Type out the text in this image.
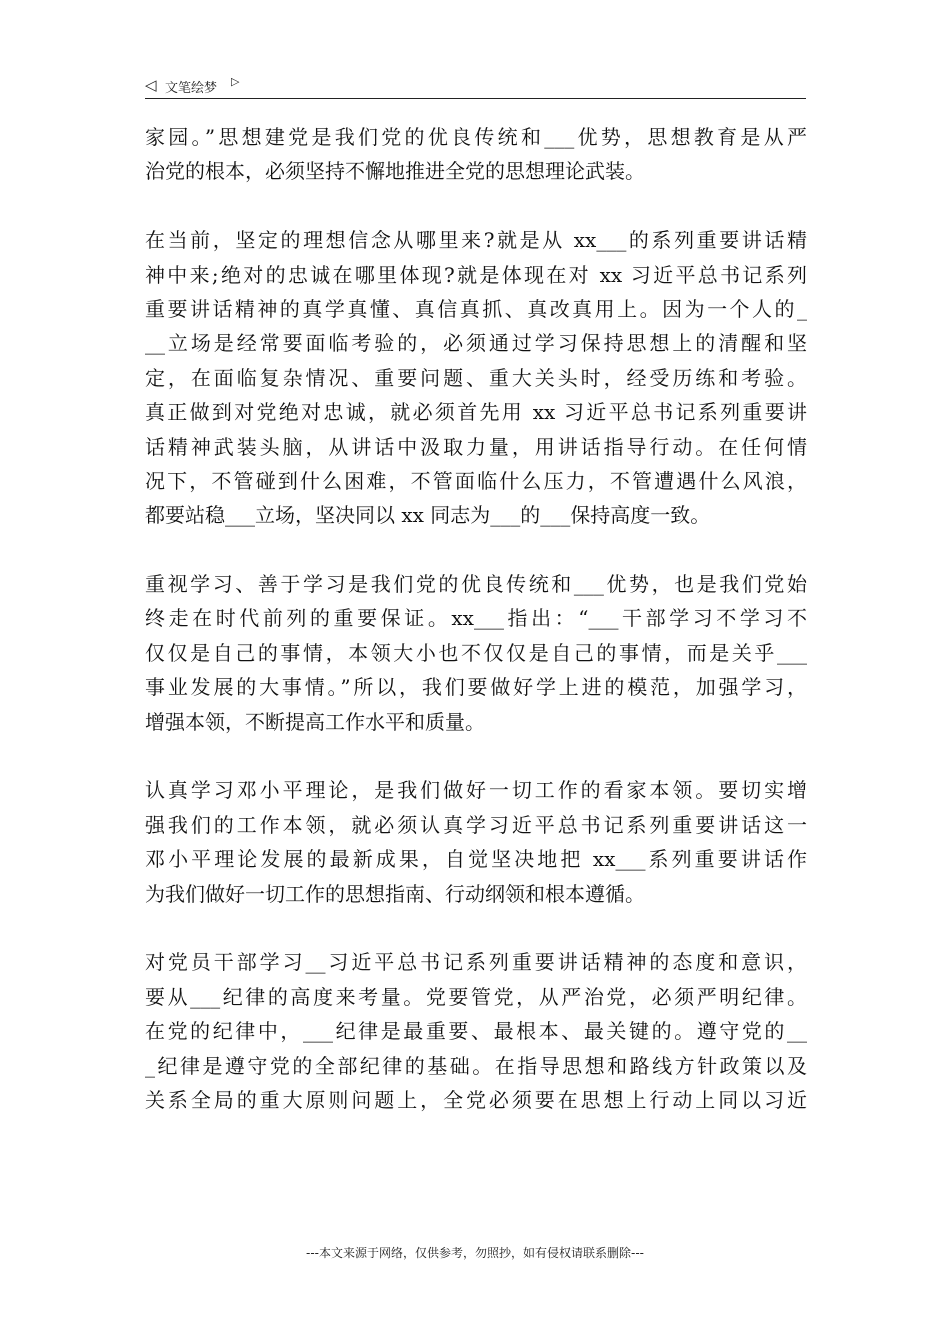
◁ 文笔绘梦 ▷
家园。”思想建党是我们党的优良传统和___优势，思想教育是从严
治党的根本，必须坚持不懈地推进全党的思想理论武装。
在当前，坚定的理想信念从哪里来?就是从 xx___的系列重要讲话精
神中来;绝对的忠诚在哪里体现?就是体现在对 xx 习近平总书记系列
重要讲话精神的真学真懂、真信真抓、真改真用上。因为一个人的_
__立场是经常要面临考验的，必须通过学习保持思想上的清醒和坚
定，在面临复杂情况、重要问题、重大关头时，经受历练和考验。
真正做到对党绝对忠诚，就必须首先用 xx 习近平总书记系列重要讲
话精神武装头脑，从讲话中汲取力量，用讲话指导行动。在任何情
况下，不管碰到什么困难，不管面临什么压力，不管遭遇什么风浪，
都要站稳___立场，坚决同以 xx 同志为___的___保持高度一致。
重视学习、善于学习是我们党的优良传统和___优势，也是我们党始
终走在时代前列的重要保证。xx___指出：“___干部学习不学习不
仅仅是自己的事情，本领大小也不仅仅是自己的事情，而是关乎___
事业发展的大事情。”所以，我们要做好学上进的模范，加强学习，
增强本领，不断提高工作水平和质量。
认真学习邓小平理论，是我们做好一切工作的看家本领。要切实增
强我们的工作本领，就必须认真学习近平总书记系列重要讲话这一
邓小平理论发展的最新成果，自觉坚决地把 xx___系列重要讲话作
为我们做好一切工作的思想指南、行动纲领和根本遵循。
对党员干部学习__习近平总书记系列重要讲话精神的态度和意识，
要从___纪律的高度来考量。党要管党，从严治党，必须严明纪律。
在党的纪律中，___纪律是最重要、最根本、最关键的。遵守党的__
_纪律是遵守党的全部纪律的基础。在指导思想和路线方针政策以及
关系全局的重大原则问题上，全党必须要在思想上行动上同以习近
---本文来源于网络，仅供参考，勿照抄，如有侵权请联系删除---
